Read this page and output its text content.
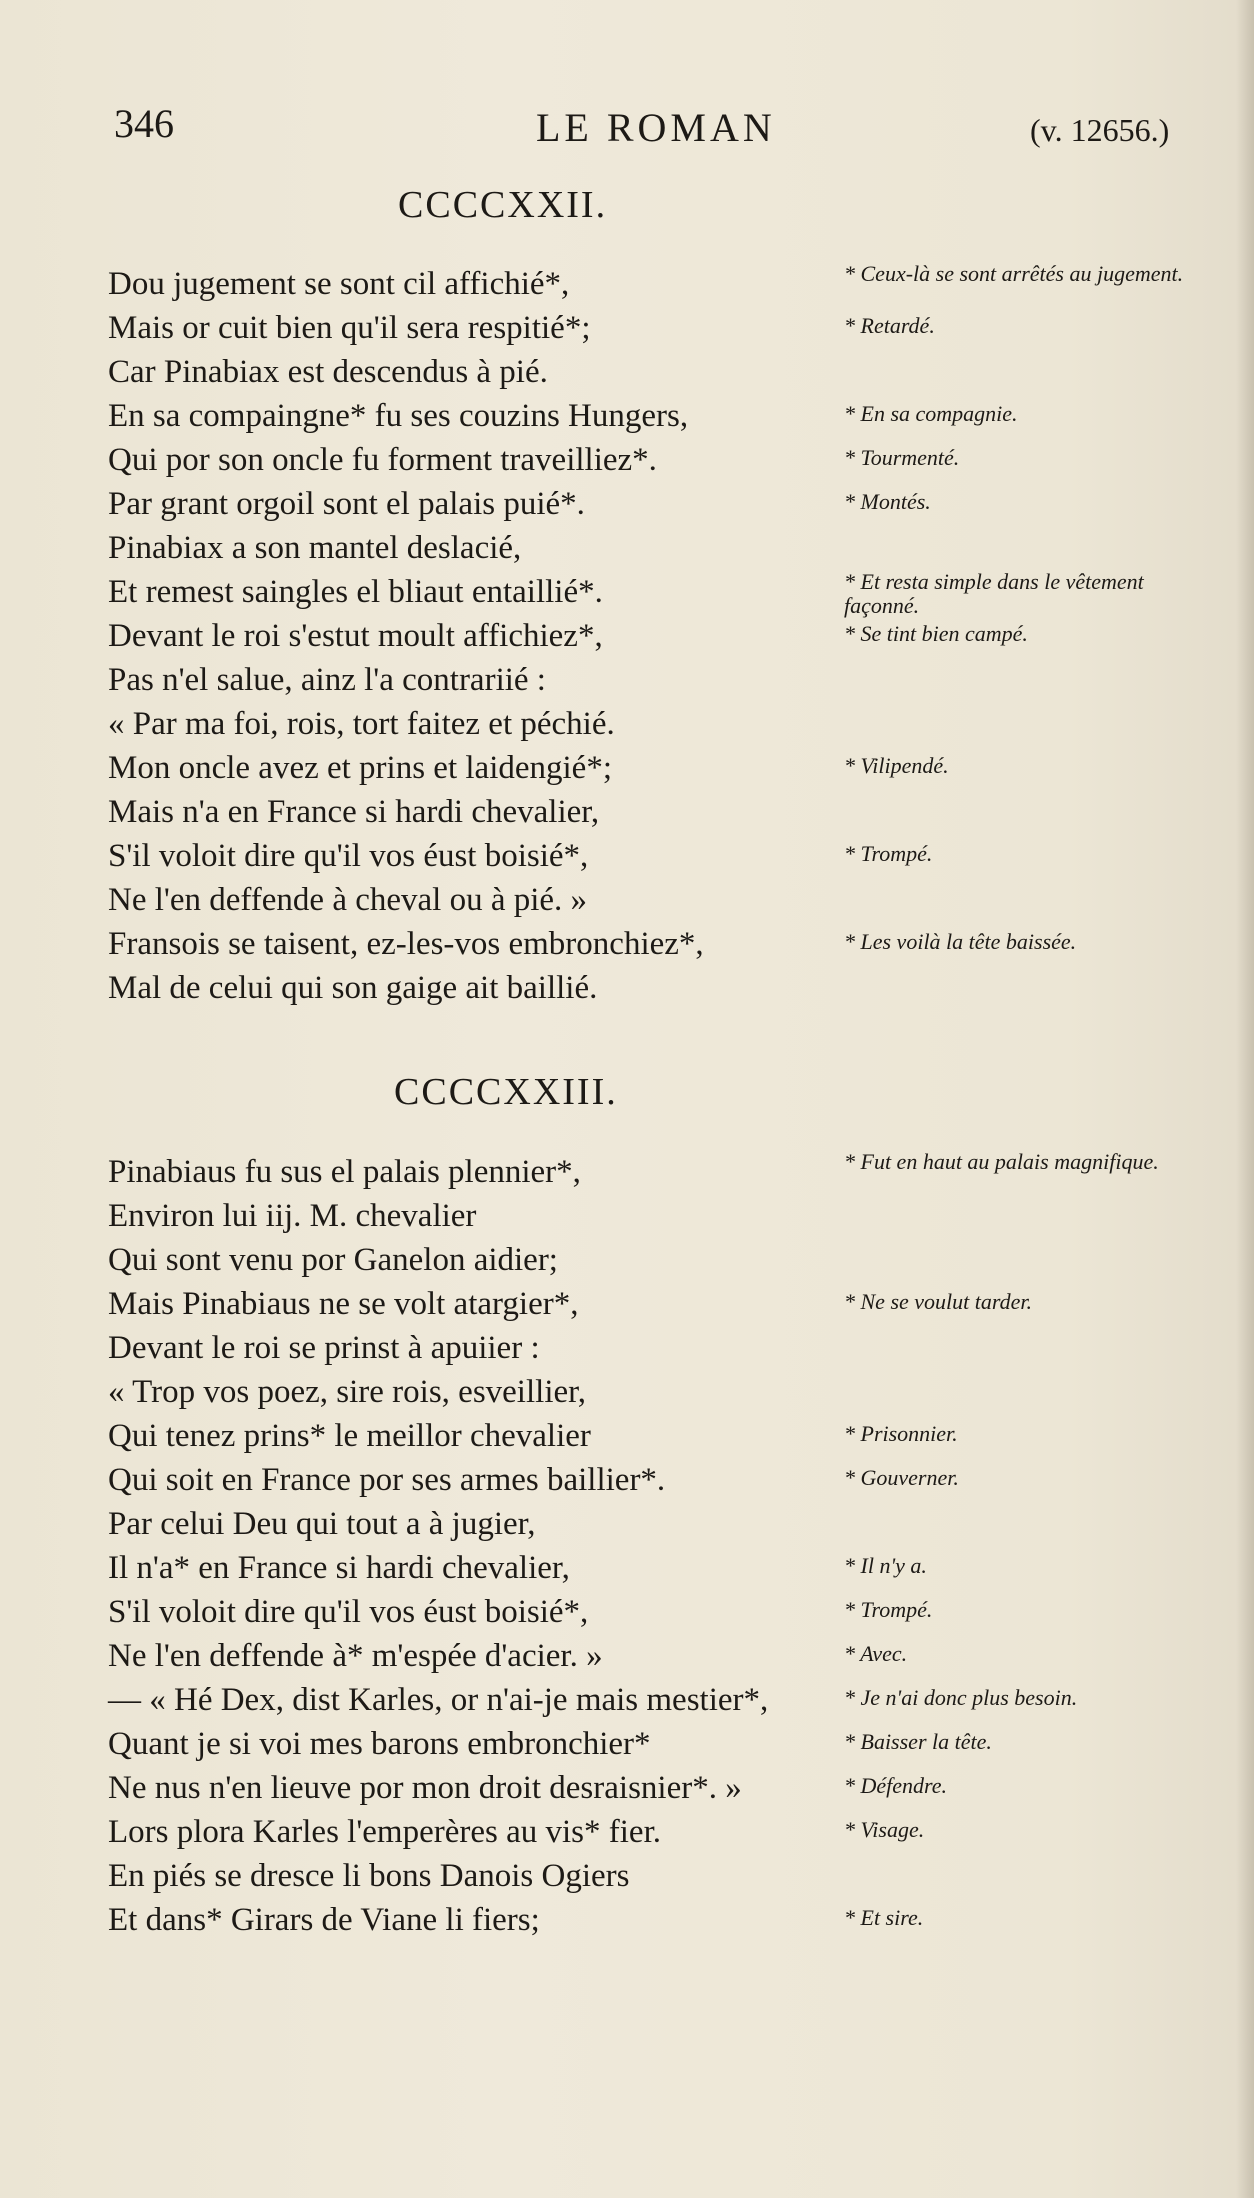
346	LE ROMAN	(v. 12656.)
CCCCXXII.
Dou jugement se sont cil affichié*,	* Ceux-là se sont arrêtés au jugement.
Mais or cuit bien qu'il sera respitié*;	* Retardé.
Car Pinabiax est descendus à pié.
En sa compaingne* fu ses couzins Hungers,	* En sa compagnie.
Qui por son oncle fu forment traveilliez*.	* Tourmenté.
Par grant orgoil sont el palais puié*.	* Montés.
Pinabiax a son mantel deslacié,
Et remest saingles el bliaut entaillié*.	* Et resta simple dans le vêtement façonné.
Devant le roi s'estut moult affichiez*,	* Se tint bien campé.
Pas n'el salue, ainz l'a contrariié :
« Par ma foi, rois, tort faitez et péchié.
Mon oncle avez et prins et laidengié*;	* Vilipendé.
Mais n'a en France si hardi chevalier,
S'il voloit dire qu'il vos éust boisié*,	* Trompé.
Ne l'en deffende à cheval ou à pié. »
Fransois se taisent, ez-les-vos embronchiez*,	* Les voilà la tête baissée.
Mal de celui qui son gaige ait baillié.
CCCCXXIII.
Pinabiaus fu sus el palais plennier*,	* Fut en haut au palais magnifique.
Environ lui iij. M. chevalier
Qui sont venu por Ganelon aidier;
Mais Pinabiaus ne se volt atargier*,	* Ne se voulut tarder.
Devant le roi se prinst à apuiier :
« Trop vos poez, sire rois, esveillier,
Qui tenez prins* le meillor chevalier	* Prisonnier.
Qui soit en France por ses armes baillier*.	* Gouverner.
Par celui Deu qui tout a à jugier,
Il n'a* en France si hardi chevalier,	* Il n'y a.
S'il voloit dire qu'il vos éust boisié*,	* Trompé.
Ne l'en deffende à* m'espée d'acier. »	* Avec.
— « Hé Dex, dist Karles, or n'ai-je mais mestier*,	* Je n'ai donc plus besoin.
Quant je si voi mes barons embronchier*	* Baisser la tête.
Ne nus n'en lieuve por mon droit desraisnier*. »	* Défendre.
Lors plora Karles l'emperères au vis* fier.	* Visage.
En piés se dresce li bons Danois Ogiers
Et dans* Girars de Viane li fiers;	* Et sire.
